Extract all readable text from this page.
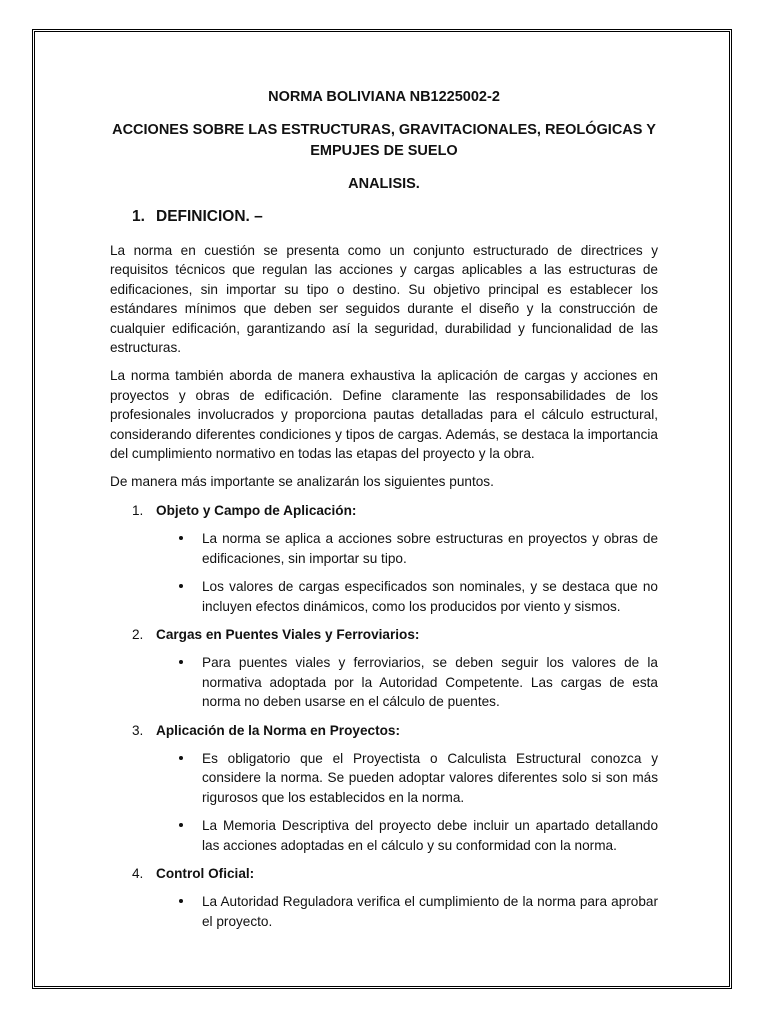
NORMA BOLIVIANA NB1225002-2
ACCIONES SOBRE LAS ESTRUCTURAS, GRAVITACIONALES, REOLÓGICAS Y EMPUJES DE SUELO
ANALISIS.
1. DEFINICION. –

La norma en cuestión se presenta como un conjunto estructurado de directrices y requisitos técnicos que regulan las acciones y cargas aplicables a las estructuras de edificaciones, sin importar su tipo o destino. Su objetivo principal es establecer los estándares mínimos que deben ser seguidos durante el diseño y la construcción de cualquier edificación, garantizando así la seguridad, durabilidad y funcionalidad de las estructuras.

La norma también aborda de manera exhaustiva la aplicación de cargas y acciones en proyectos y obras de edificación. Define claramente las responsabilidades de los profesionales involucrados y proporciona pautas detalladas para el cálculo estructural, considerando diferentes condiciones y tipos de cargas. Además, se destaca la importancia del cumplimiento normativo en todas las etapas del proyecto y la obra.

De manera más importante se analizarán los siguientes puntos.

1. Objeto y Campo de Aplicación:
La norma se aplica a acciones sobre estructuras en proyectos y obras de edificaciones, sin importar su tipo.
Los valores de cargas especificados son nominales, y se destaca que no incluyen efectos dinámicos, como los producidos por viento y sismos.
2. Cargas en Puentes Viales y Ferroviarios:
Para puentes viales y ferroviarios, se deben seguir los valores de la normativa adoptada por la Autoridad Competente. Las cargas de esta norma no deben usarse en el cálculo de puentes.
3. Aplicación de la Norma en Proyectos:
Es obligatorio que el Proyectista o Calculista Estructural conozca y considere la norma. Se pueden adoptar valores diferentes solo si son más rigurosos que los establecidos en la norma.
La Memoria Descriptiva del proyecto debe incluir un apartado detallando las acciones adoptadas en el cálculo y su conformidad con la norma.
4. Control Oficial:
La Autoridad Reguladora verifica el cumplimiento de la norma para aprobar el proyecto.
